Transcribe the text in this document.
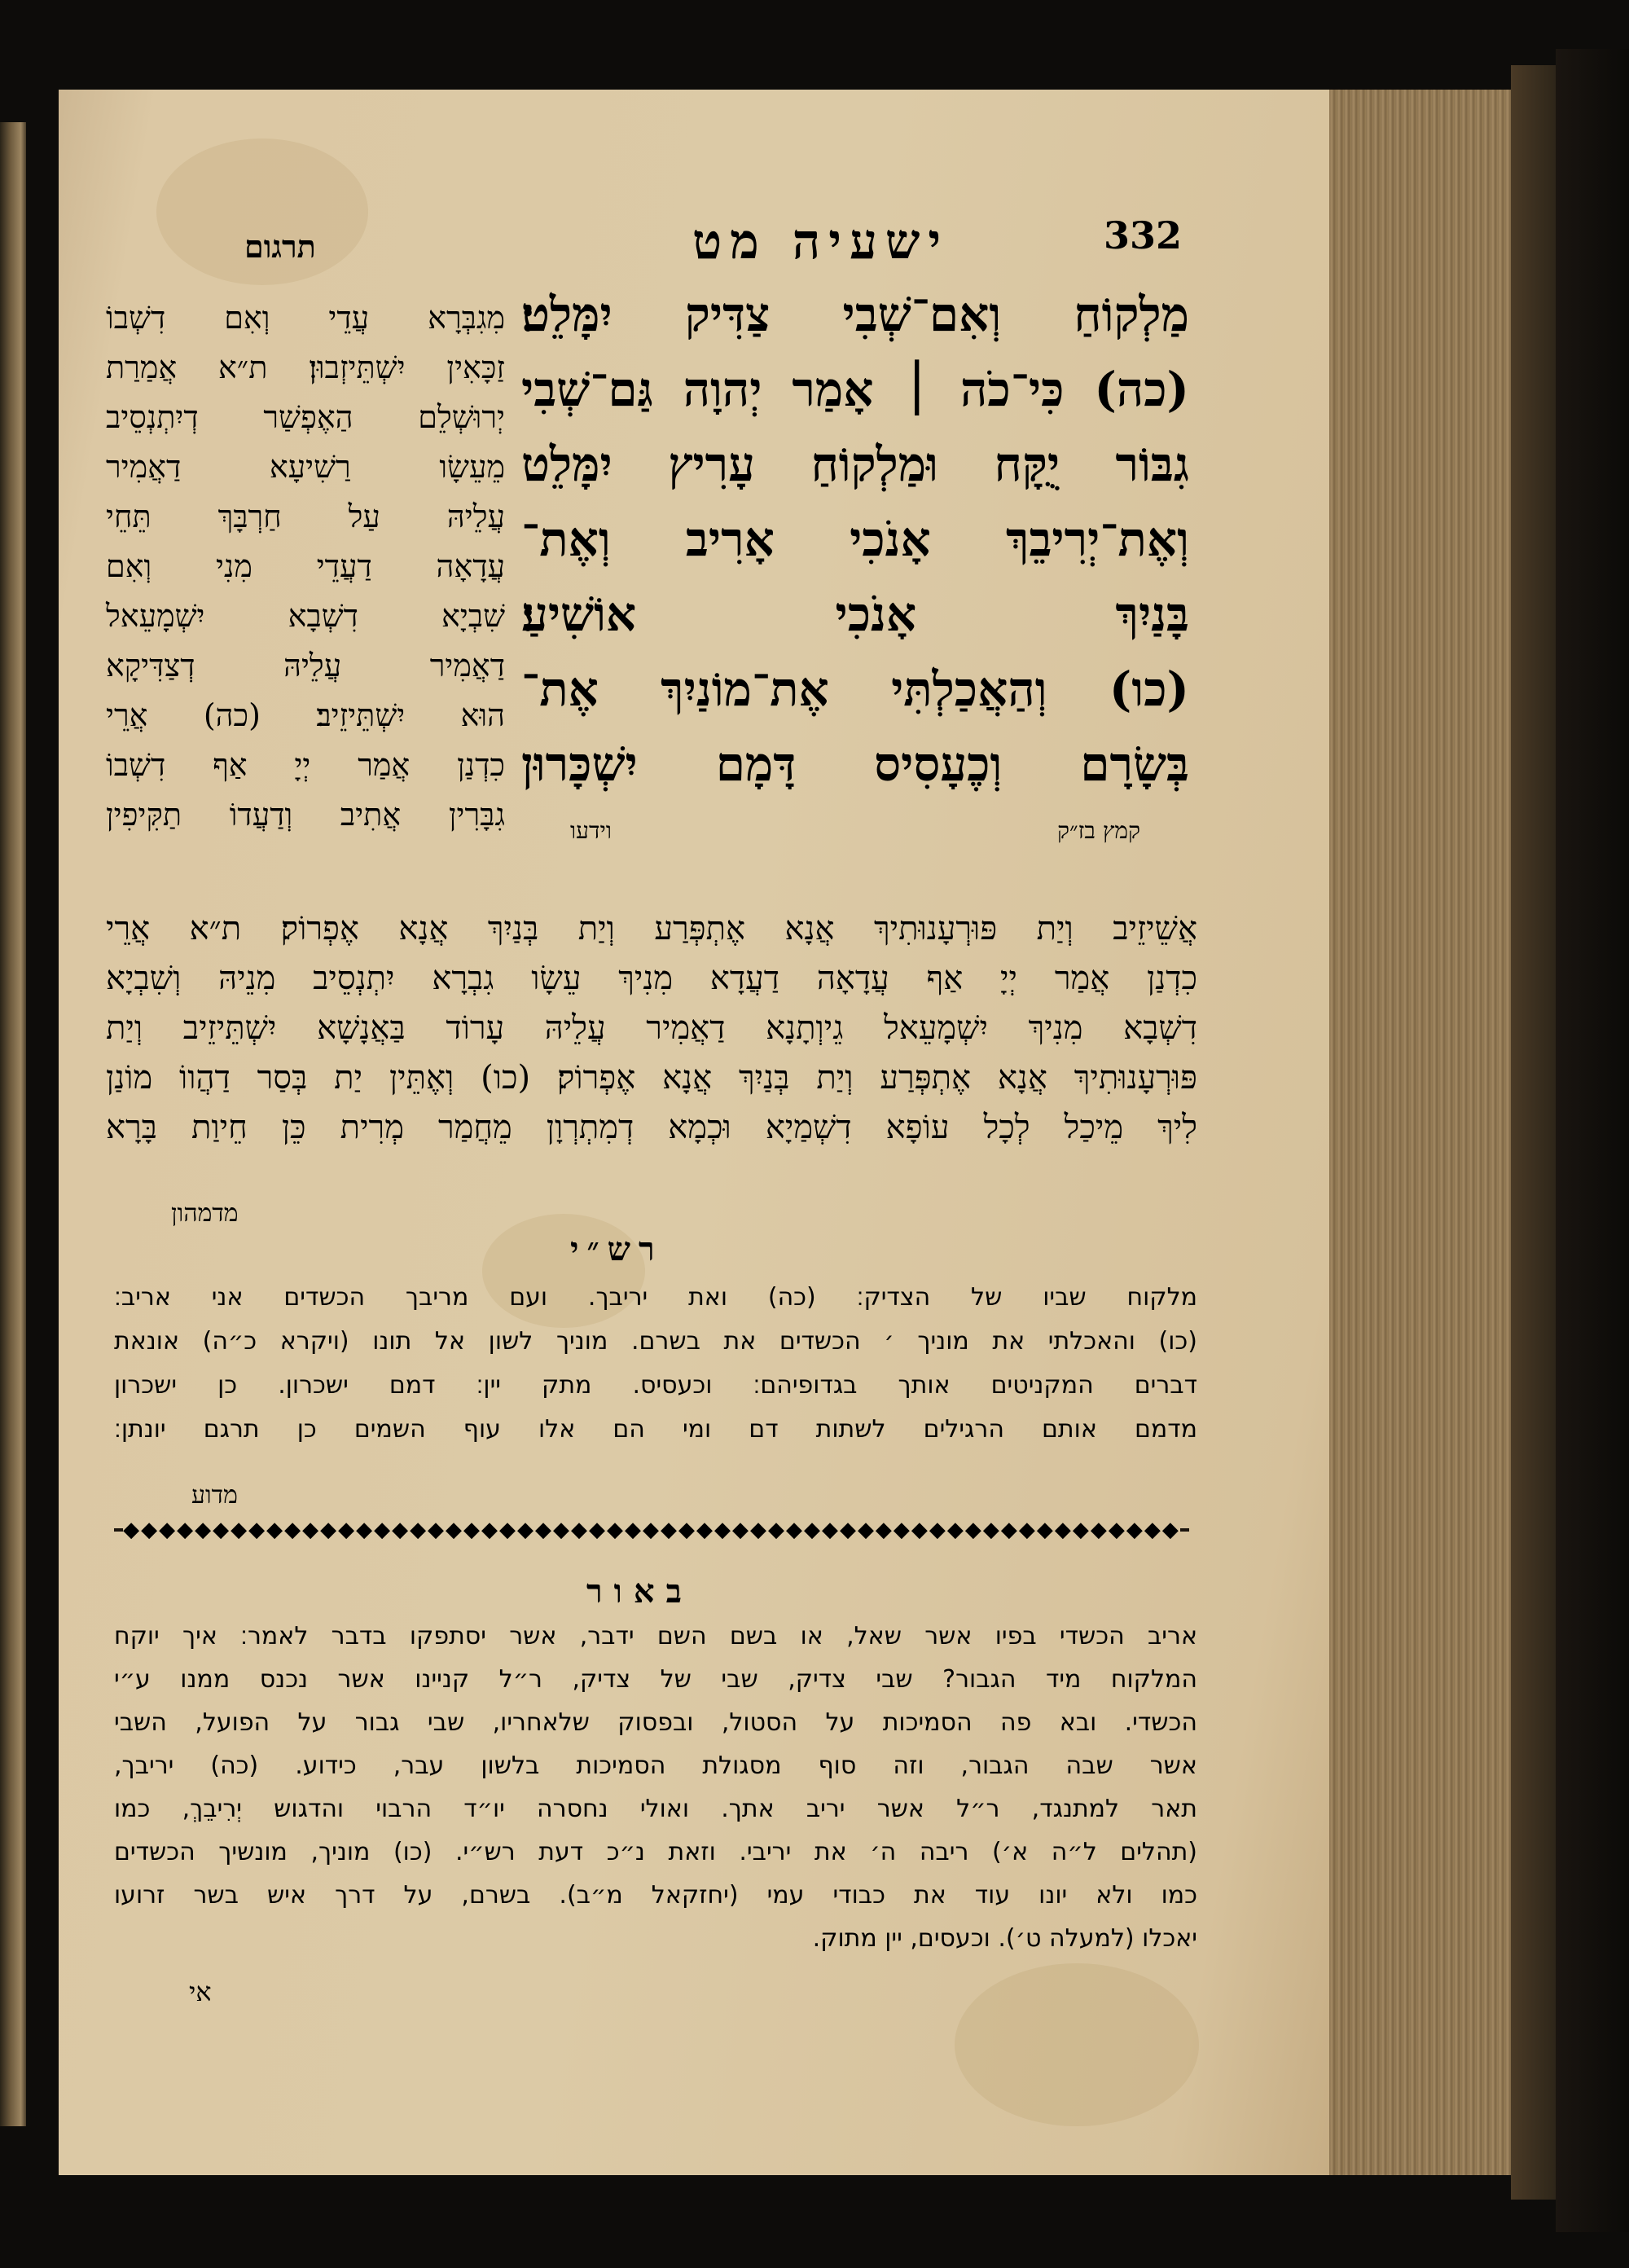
תרגום	ישעיה מט	332
מַלְקוֹחַ וְאִם־שְׁבִי צַדִּיק יִמָּלֵט׃
(כה) כִּי־כֹה ׀ אָמַר יְהוָה גַּם־שְׁבִי
גִבּוֹר יֻקָּח וּמַלְקוֹחַ עָרִיץ יִמָּלֵט
וְאֶת־יְרִיבֵךְ אָנֹכִי אָרִיב וְאֶת־
בָּנַיִךְ אָנֹכִי אוֹשִׁיעַ׃
(כו) וְהַאֲכַלְתִּי אֶת־מוֹנַיִךְ אֶת־
בְּשָׂרָם וְכֶעָסִיס דָּמָם יִשְׁכָּרוּן
וידעו	קמץ בז״ק
מִגִבְּרָא עֲדֵי וְאִם דִשְׁבוֹ
זַכָּאִין יִשְׁתֵּיזְבוּן׃ ת״א אֲמַרַת
יְרוּשְׁלֵם הַאֶפְשַׁר דְיִתְנְסֵיב
מֵעֵשָׂו רַשִׁיעָא דַאֲמִיר
עֲלֵיהּ עַל חַרְבָּךְ תֵּחֵי
עֲדָאָה דַעֲדֵי מִנִי וְאִם
שִׁבְיָא דִשְׁבָא יִשְׁמָעֵאל
דַאֲמִיר עֲלֵיהּ דְצַדִּיקָא
הוּא יִשְׁתֵּיזֵיב׃ (כה) אֲרֵי
כִדְנַן אֲמַר יְיָ אַף דִשְׁבוֹ
גִבָּרִין אֲתִיב וְדַעֲדוֹ תַקִּיפִין
אֲשֵׁיזֵיב וְיַת פּוּרְעָנוּתִיךְ אֲנָא אֶתְפְּרַע וְיַת בְּנַיִךְ אֲנָא אֶפְרוֹק׃ ת״א אֲרֵי
כִדְנַן אֲמַר יְיָ אַף עֲדָאָה דַעֲדָא מִנִיךְ עֵשָׂו גִבְרָא יִתְנְסֵיב מִנֵיהּ וְשִׁבְיָא
דִשְׁבָא מִנִיךְ יִשְׁמָעֵאל גֵיוְתָנָא דַאֲמִיר עֲלֵיהּ עָרוֹד בַּאֲנָשָׁא יִשְׁתֵּיזֵיב וְיַת
פּוּרְעָנוּתִיךְ אֲנָא אֶתְפְּרַע וְיַת בְּנַיִךְ אֲנָא אֶפְרוֹק׃ (כו) וְאֶתֵּין יַת בְּסַר דַהֲווֹ מוֹנַן
לִיךְ מֵיכַל לְכָל עוֹפָא דִשְׁמַיָא וּכְמָא דְמִתְרְוָן מֵחֲמַר מְרִית כֵּן חֵיוַת בָּרָא
מדמהון
רש״י
מלקוח שביו של הצדיק׃ (כה) ואת יריבך. ועם מריבך הכשדים אני אריב׃
(כו) והאכלתי את מוניך ׳ הכשדים את בשרם. מוניך לשון אל תונו (ויקרא כ״ה) אונאת
דברים המקניטים אותך בגדופיהם׃ וכעסיס. מתק יין׃ דמם ישכרון. כן ישכרון
מדמם אותם הרגילים לשתות דם ומי הם אלו עוף השמים כן תרגם יונתן׃
מדוע
◆◆◆◆◆◆◆◆◆◆◆◆◆◆◆◆◆◆◆◆◆◆◆◆◆◆◆◆◆◆◆◆◆◆◆◆◆◆◆◆◆◆◆◆◆◆◆◆◆◆◆◆◆◆◆◆◆◆◆
באור
אריב הכשדי בפיו אשר שאל, או בשם השם ידבר, אשר יסתפקו בדבר לאמר׃ איך יוקח
המלקוח מיד הגבור? שבי צדיק, שבי של צדיק, ר״ל קניינו אשר נכנס ממנו ע״י
הכשדי. ובא פה הסמיכות על הסטול, ובפסוק שלאחריו, שבי גבור על הפועל, השבי
אשר שבה הגבור, וזה סוף מסגולת הסמיכות בלשון עבר, כידוע. (כה) יריבך,
תאר למתנגד, ר״ל אשר יריב אתך. ואולי נחסרה יו״ד הרבוי והדגוש יְרִיבֵךְ, כמו
(תהלים ל״ה א׳) ריבה ה׳ את יריבי. וזאת נ״כ דעת רש״י. (כו) מוניך, מונשיך הכשדים
כמו ולא יונו עוד את כבודי עמי (יחזקאל מ״ב). בשרם, על דרך איש בשר זרועו
יאכלו (למעלה ט׳). וכעסים, יין מתוק.
אי
